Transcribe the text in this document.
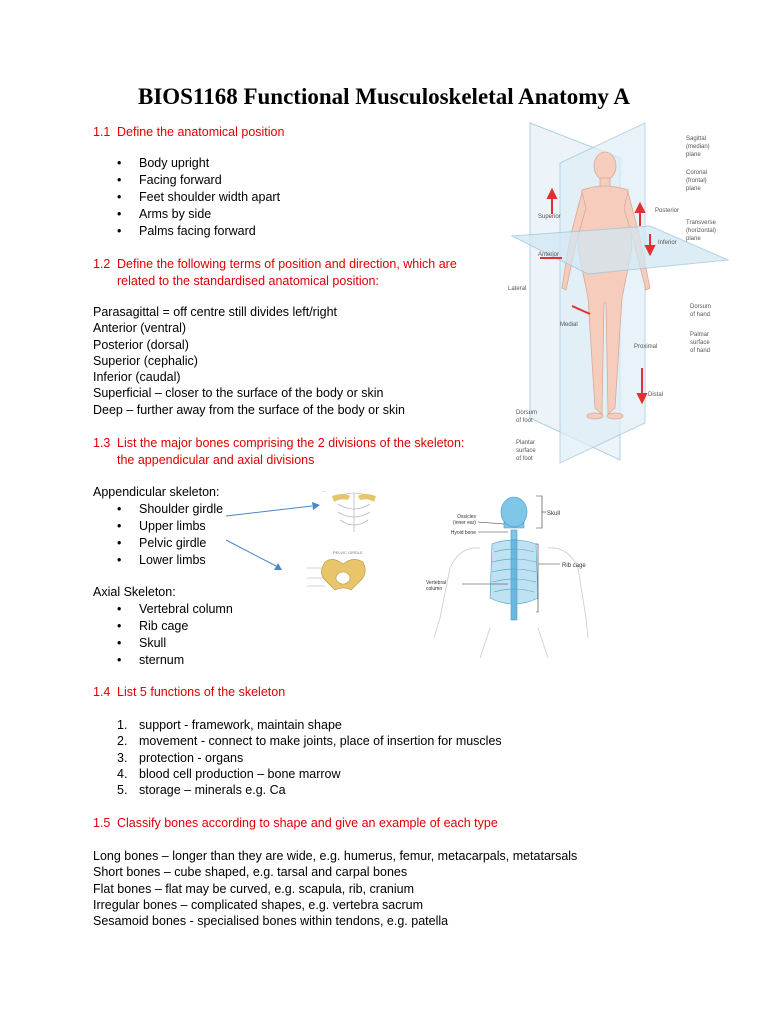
BIOS1168 Functional Musculoskeletal Anatomy A
1.1 Define the anatomical position
• Body upright
• Facing forward
• Feet shoulder width apart
• Arms by side
• Palms facing forward
1.2 Define the following terms of position and direction, which are
related to the standardised anatomical position:
Parasagittal = off centre still divides left/right
Anterior (ventral)
Posterior (dorsal)
Superior (cephalic)
Inferior (caudal)
Superficial – closer to the surface of the body or skin
Deep – further away from the surface of the body or skin
1.3 List the major bones comprising the 2 divisions of the skeleton:
the appendicular and axial divisions
Appendicular skeleton:
• Shoulder girdle
• Upper limbs
• Pelvic girdle
• Lower limbs
Axial Skeleton:
• Vertebral column
• Rib cage
• Skull
• sternum
1.4 List 5 functions of the skeleton
1. support - framework, maintain shape
2. movement - connect to make joints, place of insertion for muscles
3. protection - organs
4. blood cell production – bone marrow
5. storage – minerals e.g. Ca
1.5 Classify bones according to shape and give an example of each type
Long bones – longer than they are wide, e.g. humerus, femur, metacarpals, metatarsals
Short bones – cube shaped, e.g. tarsal and carpal bones
Flat bones – flat may be curved, e.g. scapula, rib, cranium
Irregular bones – complicated shapes, e.g. vertebra sacrum
Sesamoid bones - specialised bones within tendons, e.g. patella
Sagittal
(median)
plane
Coronal
(frontal)
plane
Posterior
Transverse
(horizontal)
plane
Inferior
Superior
Anterior
Lateral
Medial
Proximal
Dorsum
of hand
Palmar
surface
of hand
Distal
Dorsum
of foot
Plantar
surface
of foot
—
PELVIC GIRDLE
Skull
Ossicles
(inner ear)
Hyoid bone
Rib cage
Vertebral
column
